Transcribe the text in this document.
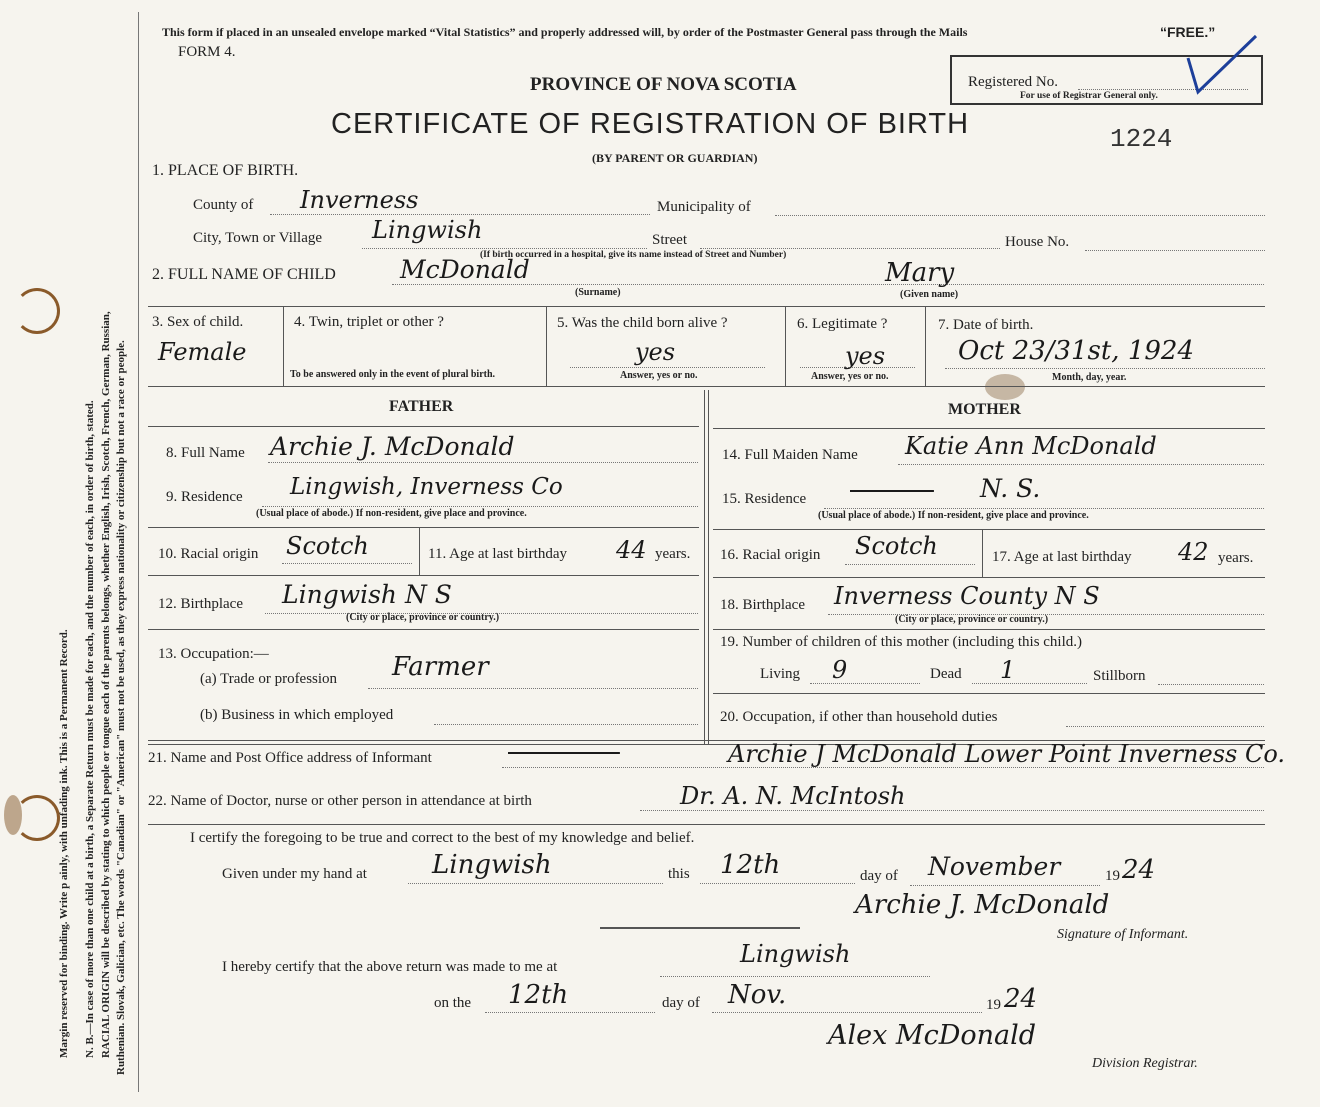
Margin reserved for binding. Write p ainly, with unfading ink. This is a Permanent Record. N. B.—In case of more than one child at a birth, a Separate Return must be made for each, and the number of each, in order of birth, stated. RACIAL ORIGIN will be described by stating to which people or tongue each of the parents belongs, whether English, Irish, Scotch, French, German, Russian, Ruthenian. Slovak, Galician, etc. The words "Canadian" or "American" must not be used, as they express nationality or citizenship but not a race or people.
This form if placed in an unsealed envelope marked “Vital Statistics” and properly addressed will, by order of the Postmaster General pass through the Mails	“FREE.”
FORM 4.
PROVINCE OF NOVA SCOTIA
CERTIFICATE OF REGISTRATION OF BIRTH	1224
(BY PARENT OR GUARDIAN)
Registered No.
For use of Registrar General only.
1. PLACE OF BIRTH.
County of Inverness	Municipality of
City, Town or Village Lingwish	Street
(If birth occurred in a hospital, give its name instead of Street and Number)
House No.
2. FULL NAME OF CHILD	McDonald
(Surname)
Mary
(Given name)
3. Sex of child.
Female
4. Twin, triplet or other ?
To be answered only in the event of plural birth.
5. Was the child born alive ?
yes
Answer, yes or no.
6. Legitimate ?
yes
Answer, yes or no.
7. Date of birth.
Oct 23/31st, 1924
Month, day, year.
FATHER	MOTHER
8. Full Name Archie J. McDonald
9. Residence Lingwish, Inverness Co
(Usual place of abode.) If non-resident, give place and province.
10. Racial origin Scotch	11. Age at last birthday 44 years.
12. Birthplace Lingwish N S
(City or place, province or country.)
13. Occupation:—
(a) Trade or profession Farmer
(b) Business in which employed
14. Full Maiden Name Katie Ann McDonald
15. Residence
	N. S.
(Usual place of abode.) If non-resident, give place and province.
16. Racial origin Scotch	17. Age at last birthday 42 years.
18. Birthplace Inverness County N S
(City or place, province or country.)
19. Number of children of this mother (including this child.)
Living 9	Dead 1	Stillborn
20. Occupation, if other than household duties
21. Name and Post Office address of Informant
	Archie J McDonald Lower Point Inverness Co.
22. Name of Doctor, nurse or other person in attendance at birth	Dr. A. N. McIntosh
I certify the foregoing to be true and correct to the best of my knowledge and belief.
Given under my hand at	Lingwish	this 12th	day of November	19 24
Archie J. McDonald
Signature of Informant.
I hereby certify that the above return was made to me at	Lingwish
on the 12th	day of Nov.	19 24
Alex McDonald
Division Registrar.
